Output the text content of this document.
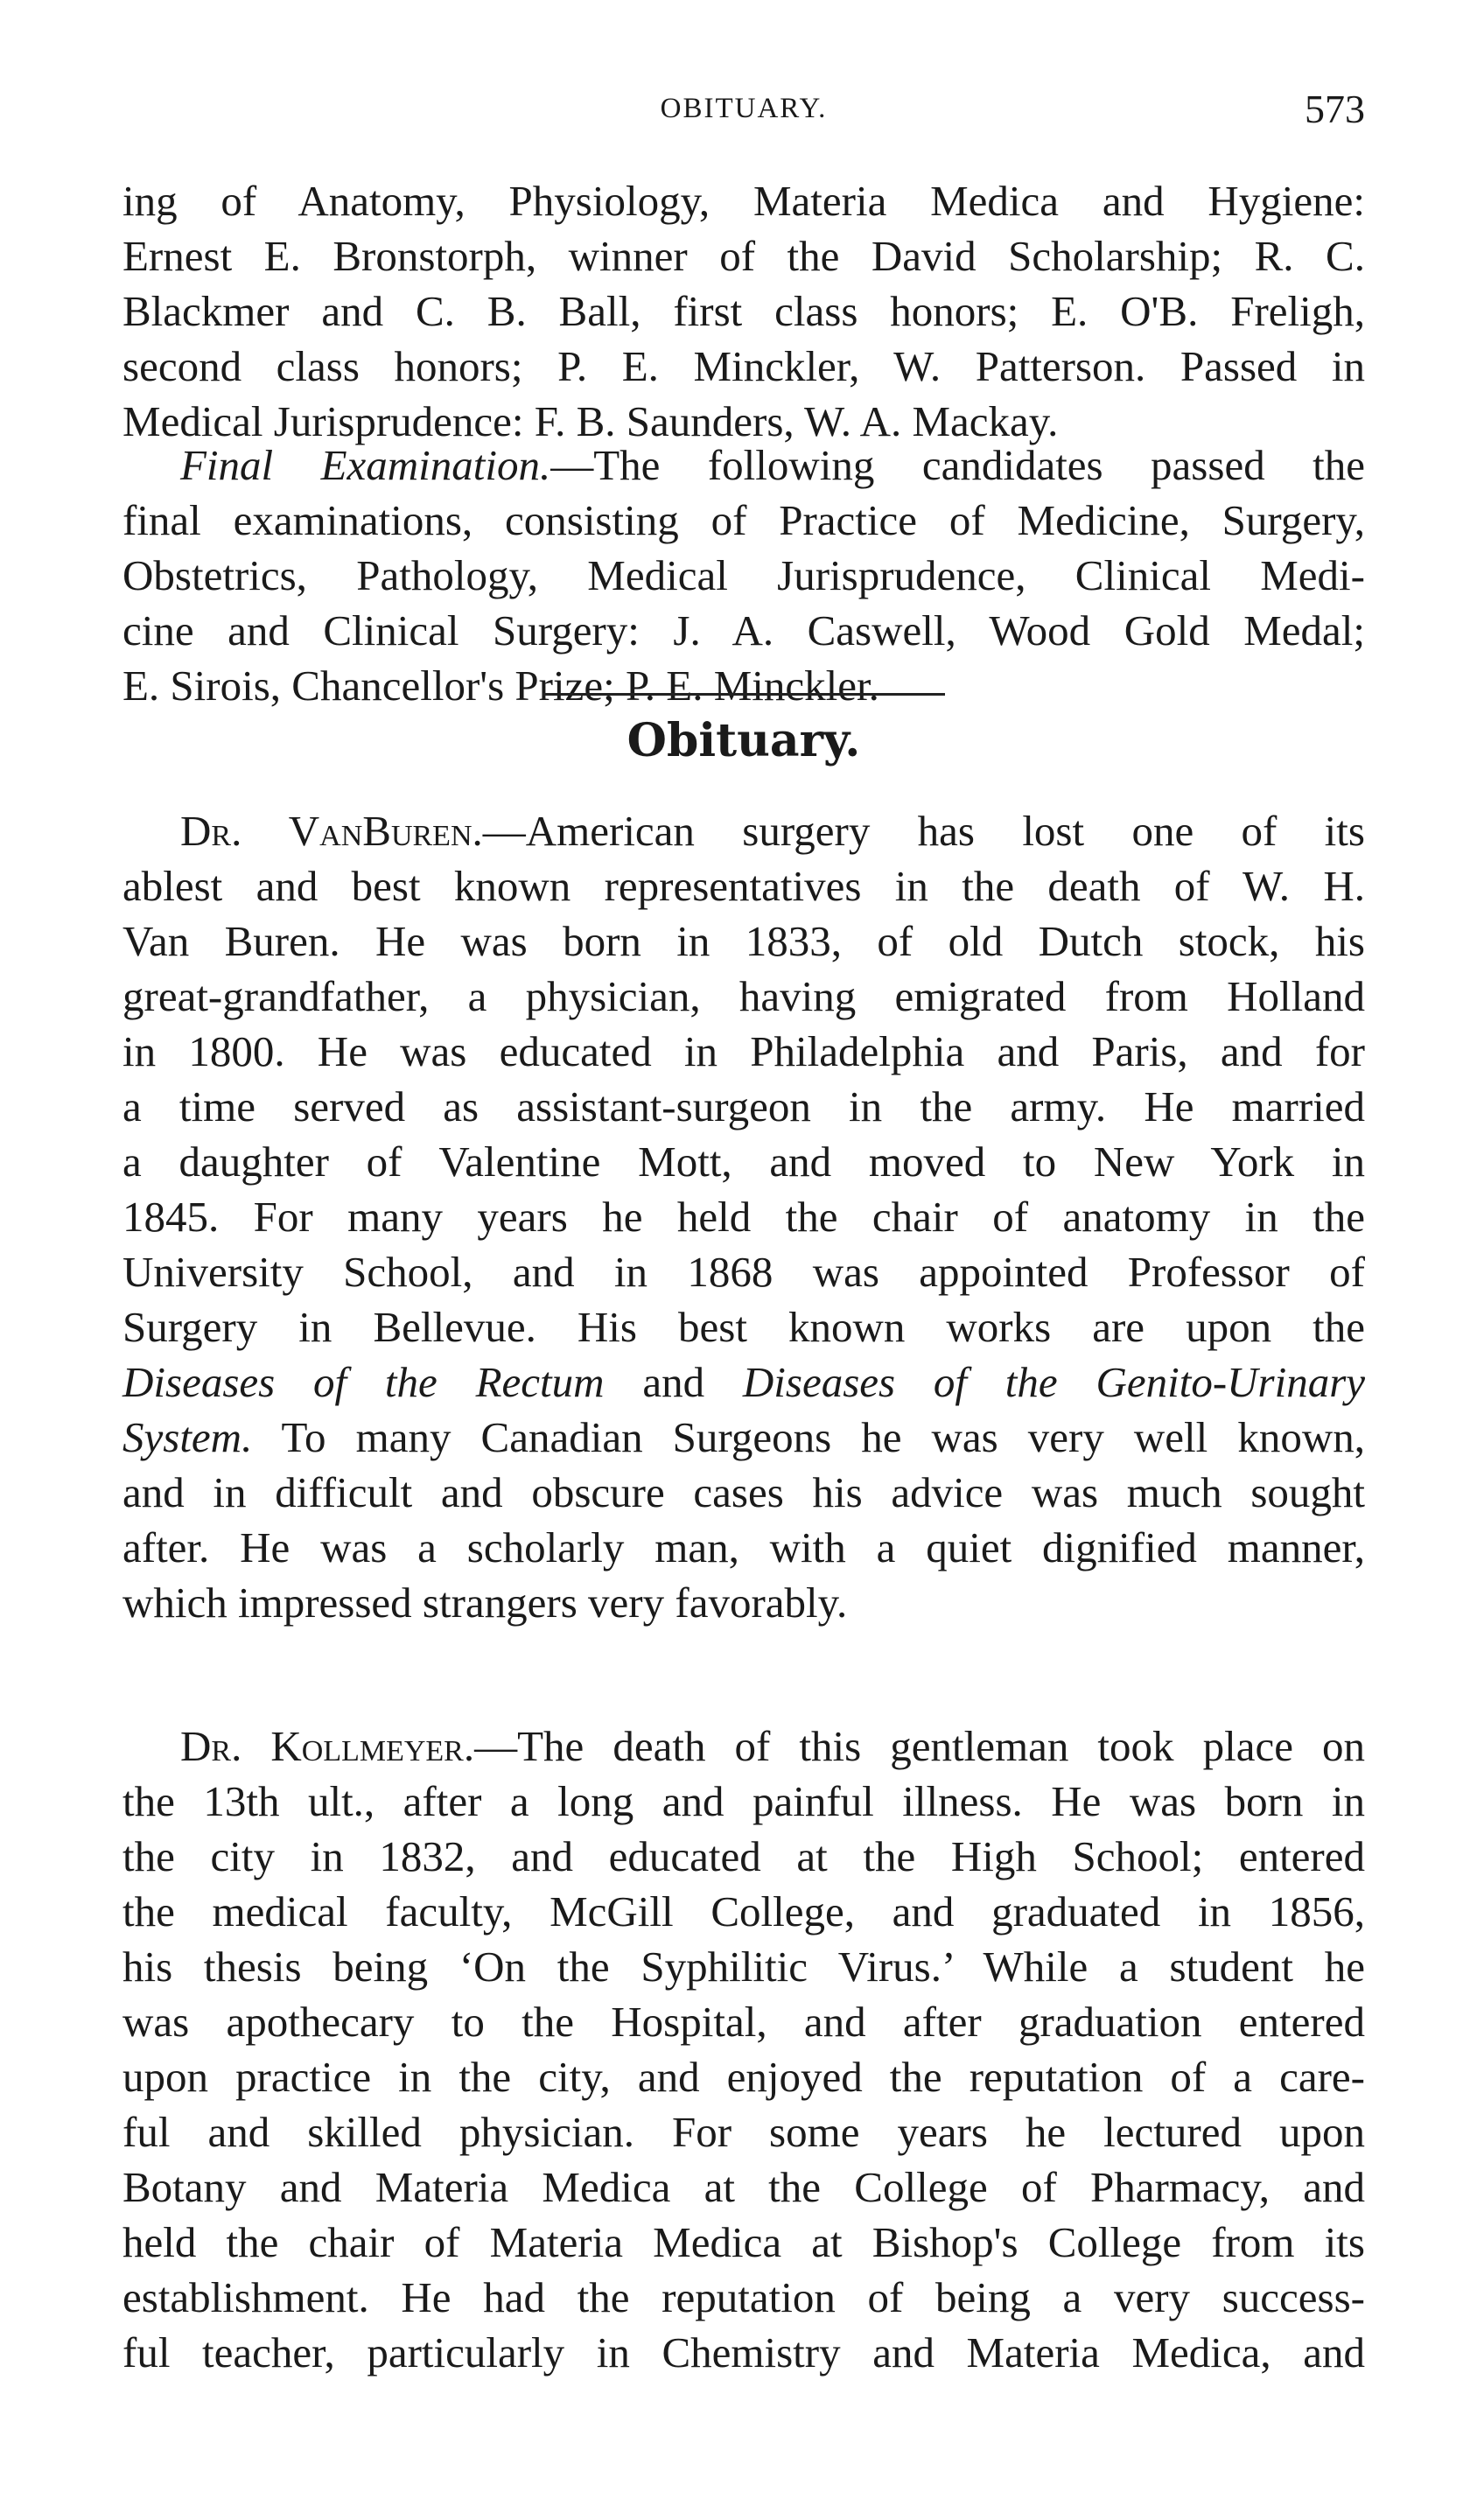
OBITUARY.	573
ing of Anatomy, Physiology, Materia Medica and Hygiene:
Ernest E. Bronstorph, winner of the David Scholarship; R. C.
Blackmer and C. B. Ball, first class honors; E. O'B. Freligh,
second class honors; P. E. Minckler, W. Patterson. Passed in
Medical Jurisprudence: F. B. Saunders, W. A. Mackay.
Final Examination.—The following candidates passed the
final examinations, consisting of Practice of Medicine, Surgery,
Obstetrics, Pathology, Medical Jurisprudence, Clinical Medi-
cine and Clinical Surgery: J. A. Caswell, Wood Gold Medal;
E. Sirois, Chancellor's Prize; P. E. Minckler.
Obituary.
Dr. VanBuren.—American surgery has lost one of its
ablest and best known representatives in the death of W. H.
Van Buren. He was born in 1833, of old Dutch stock, his
great-grandfather, a physician, having emigrated from Holland
in 1800. He was educated in Philadelphia and Paris, and for
a time served as assistant-surgeon in the army. He married
a daughter of Valentine Mott, and moved to New York in
1845. For many years he held the chair of anatomy in the
University School, and in 1868 was appointed Professor of
Surgery in Bellevue. His best known works are upon the
Diseases of the Rectum and Diseases of the Genito-Urinary
System. To many Canadian Surgeons he was very well known,
and in difficult and obscure cases his advice was much sought
after. He was a scholarly man, with a quiet dignified manner,
which impressed strangers very favorably.
Dr. Kollmeyer.—The death of this gentleman took place on
the 13th ult., after a long and painful illness. He was born in
the city in 1832, and educated at the High School; entered
the medical faculty, McGill College, and graduated in 1856,
his thesis being ‘On the Syphilitic Virus.’ While a student he
was apothecary to the Hospital, and after graduation entered
upon practice in the city, and enjoyed the reputation of a care-
ful and skilled physician. For some years he lectured upon
Botany and Materia Medica at the College of Pharmacy, and
held the chair of Materia Medica at Bishop's College from its
establishment. He had the reputation of being a very success-
ful teacher, particularly in Chemistry and Materia Medica, and
